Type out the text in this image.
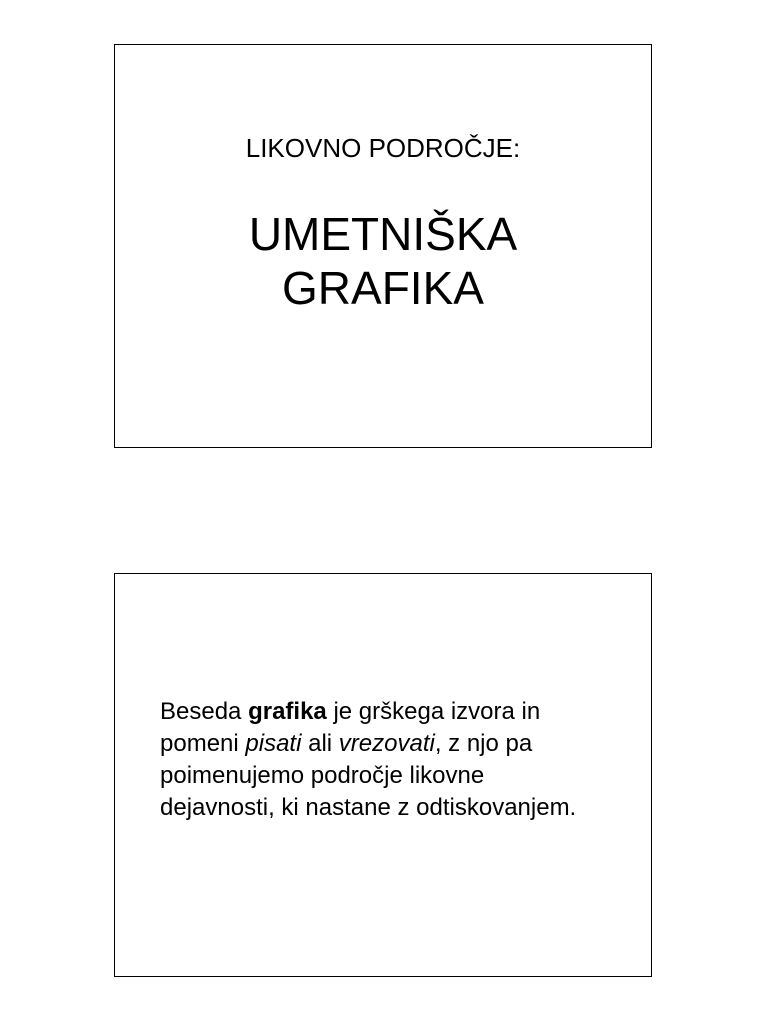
LIKOVNO PODROČJE:
UMETNIŠKA
GRAFIKA
Beseda grafika je grškega izvora in
pomeni pisati ali vrezovati, z njo pa
poimenujemo področje likovne
dejavnosti, ki nastane z odtiskovanjem.
